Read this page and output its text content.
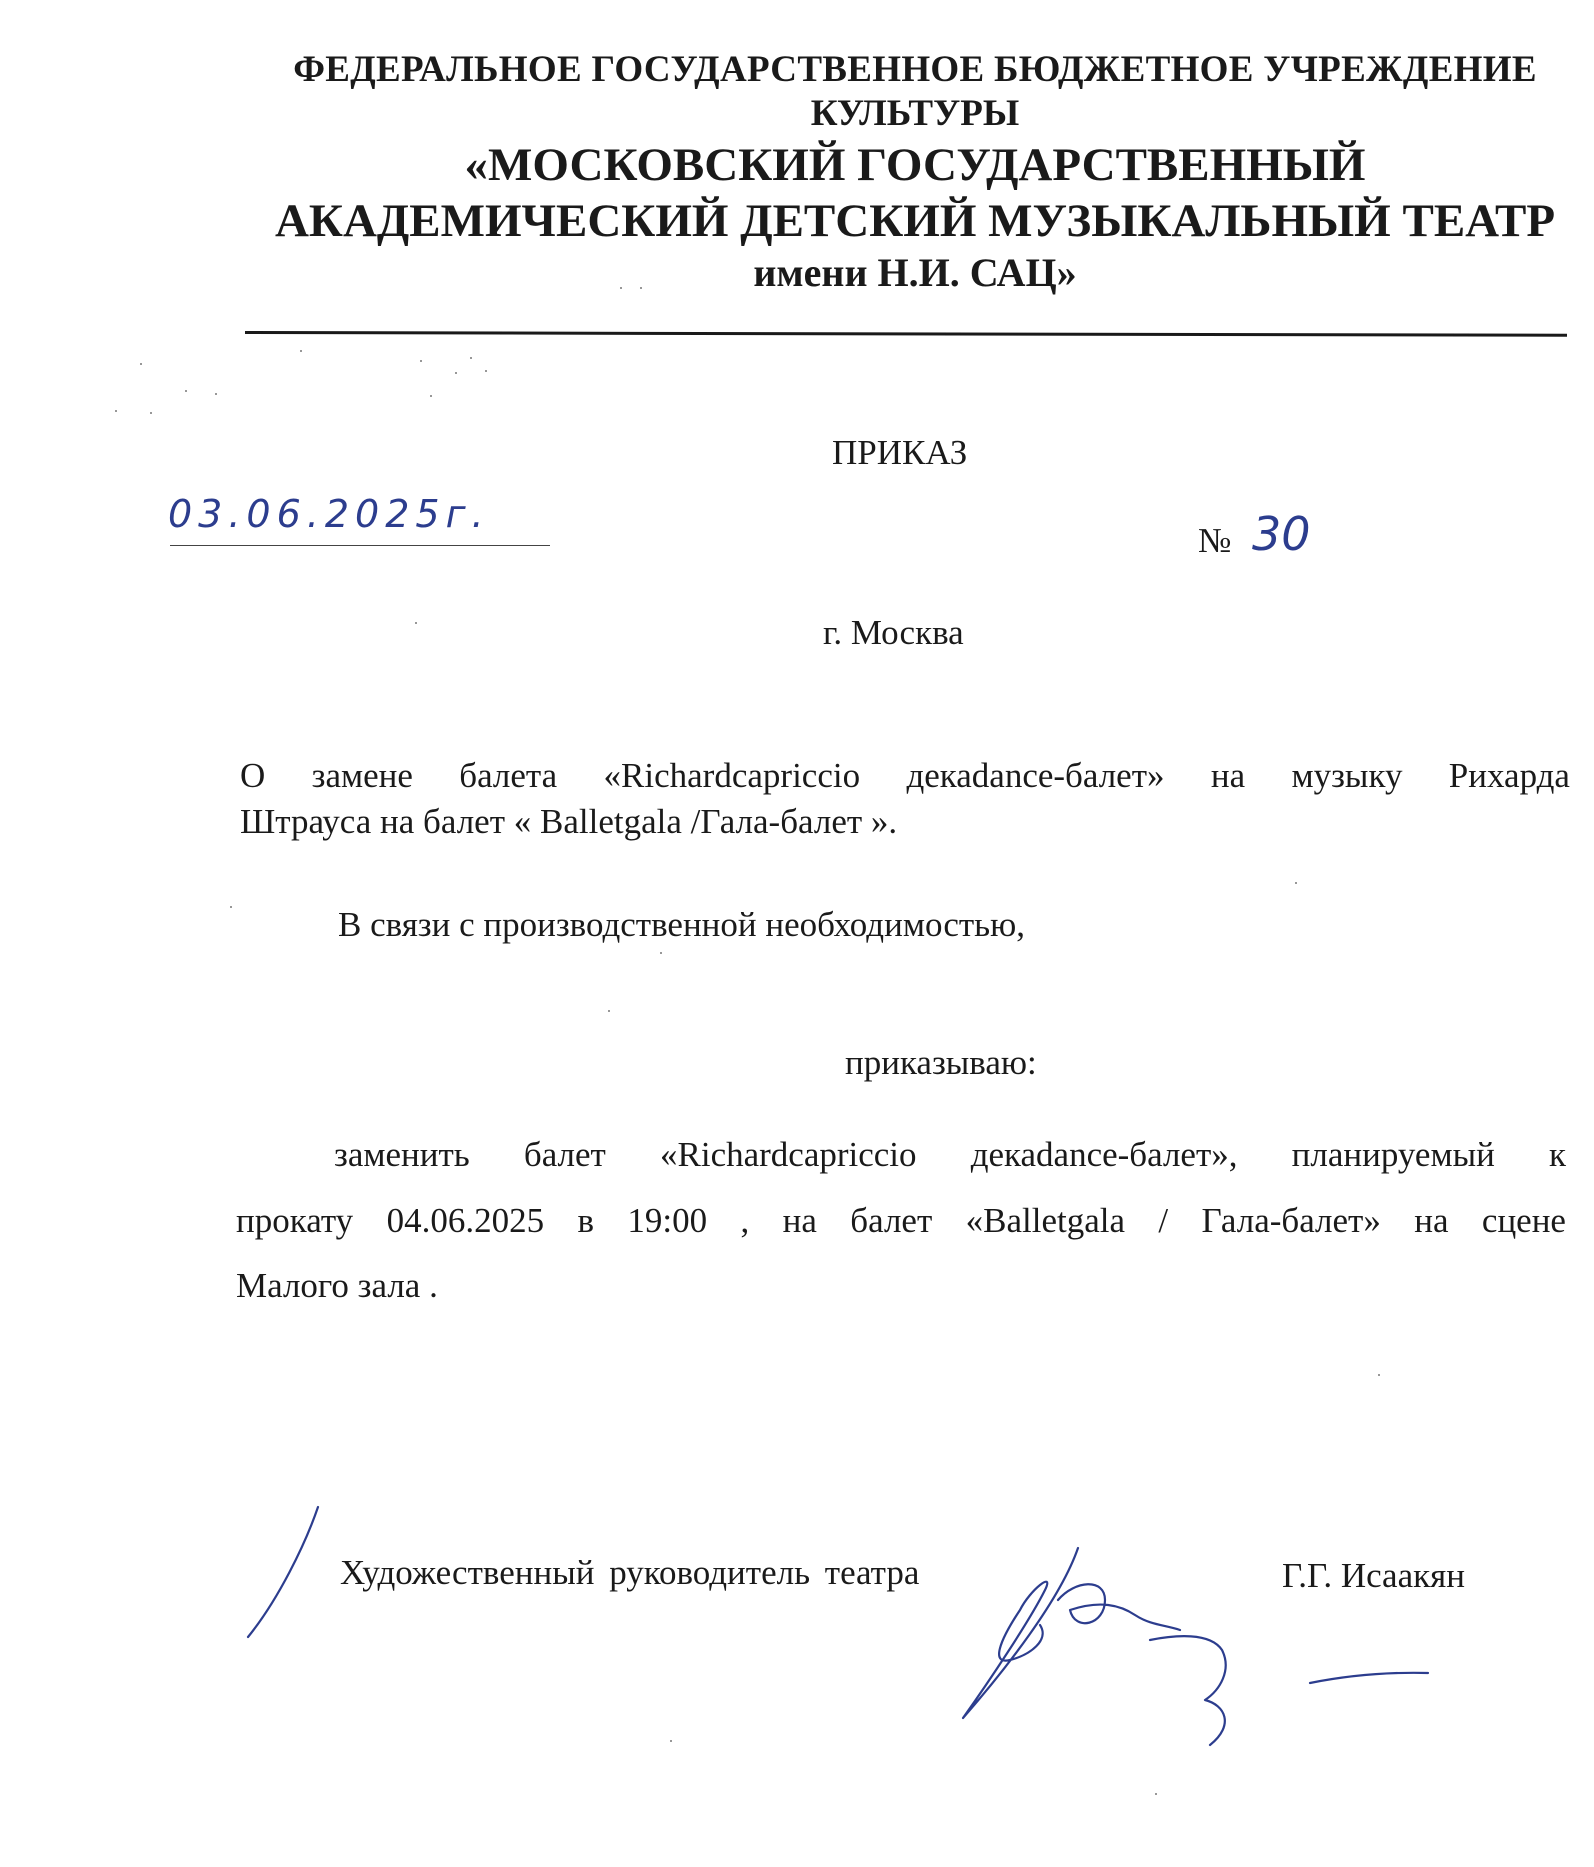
ФЕДЕРАЛЬНОЕ ГОСУДАРСТВЕННОЕ БЮДЖЕТНОЕ УЧРЕЖДЕНИЕ
КУЛЬТУРЫ
«МОСКОВСКИЙ ГОСУДАРСТВЕННЫЙ
АКАДЕМИЧЕСКИЙ ДЕТСКИЙ МУЗЫКАЛЬНЫЙ ТЕАТР
имени Н.И. САЦ»
ПРИКАЗ
03.06.2025г.
№ 30
г. Москва
О замене балета «Richardcapriccio декаdance-балет» на музыку Рихарда
Штрауса на балет « Balletgala /Гала-балет ».
В связи с производственной необходимостью,
приказываю:
заменить балет «Richardcapriccio декаdance-балет», планируемый к
прокату 04.06.2025 в 19:00 , на балет «Balletgala / Гала-балет» на сцене
Малого зала .
Художественный руководитель театра	Г.Г. Исаакян
